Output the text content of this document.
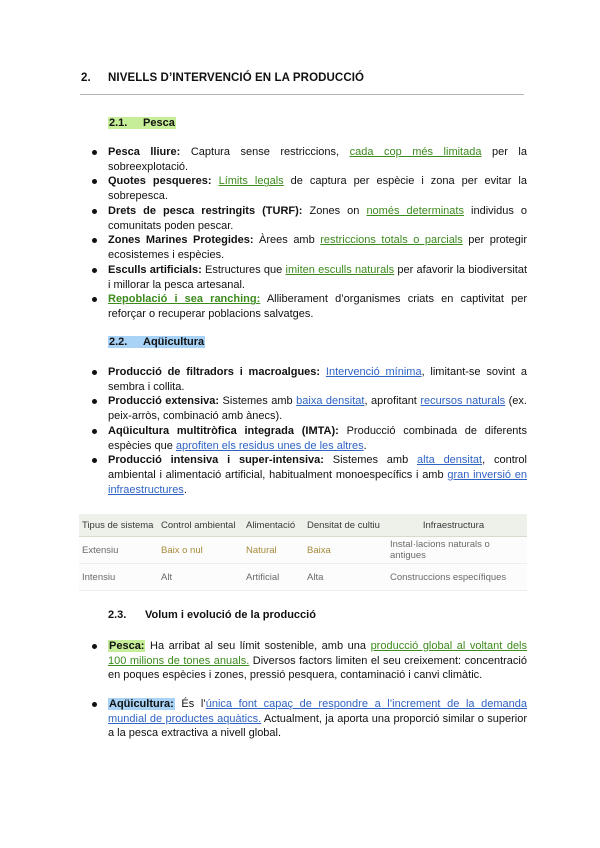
2. NIVELLS D’INTERVENCIÓ EN LA PRODUCCIÓ
2.1. Pesca
Pesca lliure: Captura sense restriccions, cada cop més limitada per la sobreexplotació.
Quotes pesqueres: Límits legals de captura per espècie i zona per evitar la sobrepesca.
Drets de pesca restringits (TURF): Zones on només determinats individus o comunitats poden pescar.
Zones Marines Protegides: Àrees amb restriccions totals o parcials per protegir ecosistemes i espècies.
Esculls artificials: Estructures que imiten esculls naturals per afavorir la biodiversitat i millorar la pesca artesanal.
Repoblació i sea ranching: Alliberament d’organismes criats en captivitat per reforçar o recuperar poblacions salvatges.
2.2. Aqüicultura
Producció de filtradors i macroalgues: Intervenció mínima, limitant-se sovint a sembra i collita.
Producció extensiva: Sistemes amb baixa densitat, aprofitant recursos naturals (ex. peix-arròs, combinació amb ànecs).
Aqüicultura multitròfica integrada (IMTA): Producció combinada de diferents espècies que aprofiten els residus unes de les altres.
Producció intensiva i super-intensiva: Sistemes amb alta densitat, control ambiental i alimentació artificial, habitualment monoespecífics i amb gran inversió en infraestructures.
Tipus de sistema	Control ambiental	Alimentació	Densitat de cultiu	Infraestructura
Extensiu	Baix o nul	Natural	Baixa	Instal·lacions naturals o antigues
Intensiu	Alt	Artificial	Alta	Construccions específiques
2.3. Volum i evolució de la producció
Pesca: Ha arribat al seu límit sostenible, amb una producció global al voltant dels 100 milions de tones anuals. Diversos factors limiten el seu creixement: concentració en poques espècies i zones, pressió pesquera, contaminació i canvi climàtic.
Aqüicultura: És l’única font capaç de respondre a l’increment de la demanda mundial de productes aquàtics. Actualment, ja aporta una proporció similar o superior a la pesca extractiva a nivell global.
